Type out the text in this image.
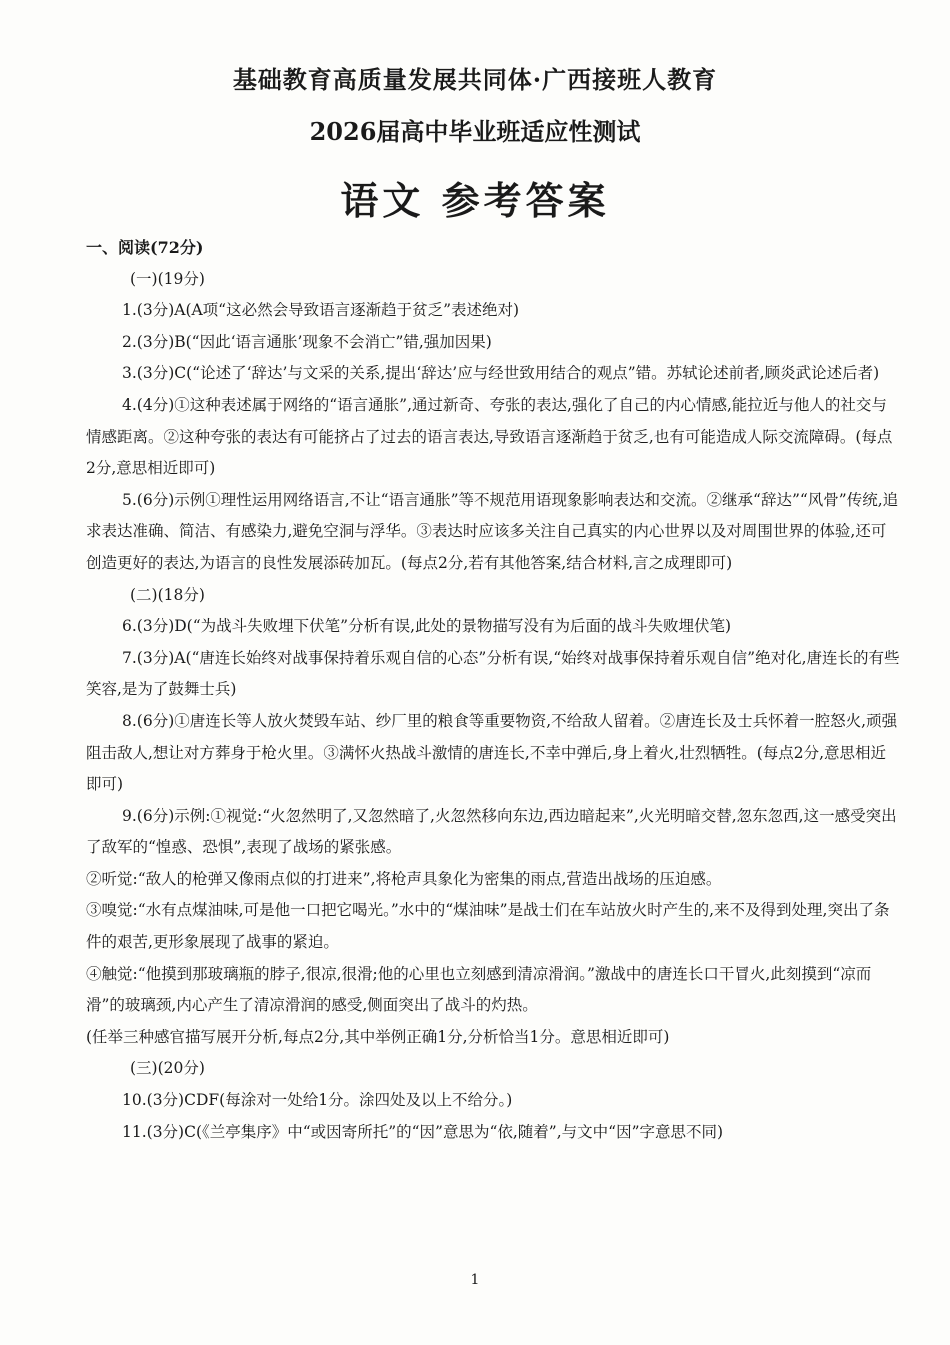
基础教育高质量发展共同体·广西接班人教育
2026届高中毕业班适应性测试
语文 参考答案

一、阅读(72分)

(一)(19分)

1.(3分)A(A项“这必然会导致语言逐渐趋于贫乏”表述绝对)

2.(3分)B(“因此‘语言通胀’现象不会消亡”错,强加因果)

3.(3分)C(“论述了‘辞达’与文采的关系,提出‘辞达’应与经世致用结合的观点”错。苏轼论述前者,顾炎武论述后者)

4.(4分)①这种表述属于网络的“语言通胀”,通过新奇、夸张的表达,强化了自己的内心情感,能拉近与他人的社交与情感距离。②这种夸张的表达有可能挤占了过去的语言表达,导致语言逐渐趋于贫乏,也有可能造成人际交流障碍。(每点2分,意思相近即可)

5.(6分)示例①理性运用网络语言,不让“语言通胀”等不规范用语现象影响表达和交流。②继承“辞达”“风骨”传统,追求表达准确、简洁、有感染力,避免空洞与浮华。③表达时应该多关注自己真实的内心世界以及对周围世界的体验,还可创造更好的表达,为语言的良性发展添砖加瓦。(每点2分,若有其他答案,结合材料,言之成理即可)

(二)(18分)

6.(3分)D(“为战斗失败埋下伏笔”分析有误,此处的景物描写没有为后面的战斗失败埋伏笔)

7.(3分)A(“唐连长始终对战事保持着乐观自信的心态”分析有误,“始终对战事保持着乐观自信”绝对化,唐连长的有些笑容,是为了鼓舞士兵)

8.(6分)①唐连长等人放火焚毁车站、纱厂里的粮食等重要物资,不给敌人留着。②唐连长及士兵怀着一腔怒火,顽强阻击敌人,想让对方葬身于枪火里。③满怀火热战斗激情的唐连长,不幸中弹后,身上着火,壮烈牺牲。(每点2分,意思相近即可)

9.(6分)示例:①视觉:“火忽然明了,又忽然暗了,火忽然移向东边,西边暗起来”,火光明暗交替,忽东忽西,这一感受突出了敌军的“惶惑、恐惧”,表现了战场的紧张感。

②听觉:“敌人的枪弹又像雨点似的打进来”,将枪声具象化为密集的雨点,营造出战场的压迫感。

③嗅觉:“水有点煤油味,可是他一口把它喝光。”水中的“煤油味”是战士们在车站放火时产生的,来不及得到处理,突出了条件的艰苦,更形象展现了战事的紧迫。

④触觉:“他摸到那玻璃瓶的脖子,很凉,很滑;他的心里也立刻感到清凉滑润。”激战中的唐连长口干冒火,此刻摸到“凉而滑”的玻璃颈,内心产生了清凉滑润的感受,侧面突出了战斗的灼热。

(任举三种感官描写展开分析,每点2分,其中举例正确1分,分析恰当1分。意思相近即可)

(三)(20分)

10.(3分)CDF(每涂对一处给1分。涂四处及以上不给分。)

11.(3分)C(《兰亭集序》中“或因寄所托”的“因”意思为“依,随着”,与文中“因”字意思不同)

1
